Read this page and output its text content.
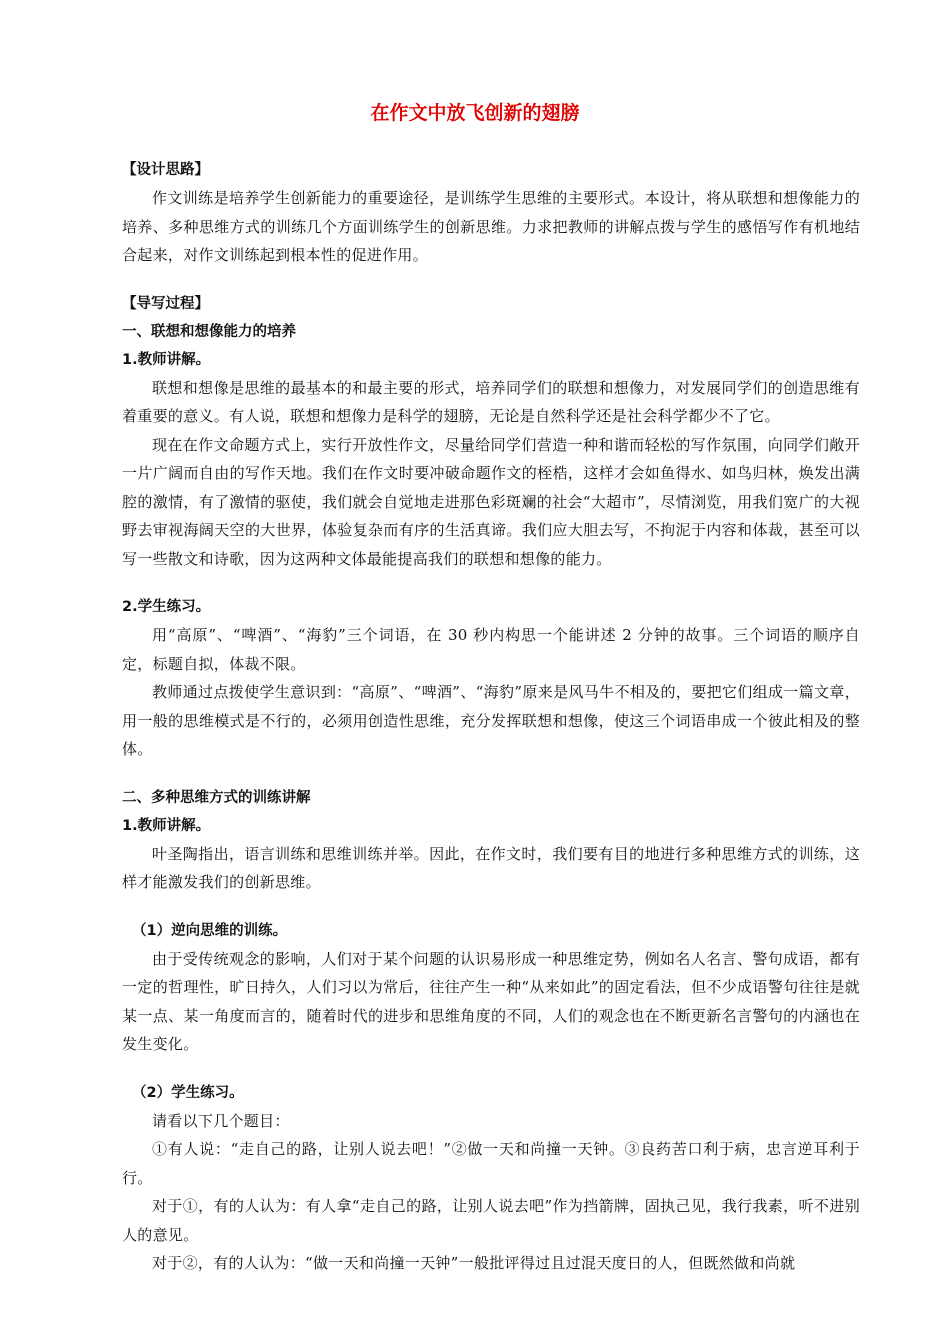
在作文中放飞创新的翅膀
【设计思路】
作文训练是培养学生创新能力的重要途径，是训练学生思维的主要形式。本设计，将从联想和想像能力的培养、多种思维方式的训练几个方面训练学生的创新思维。力求把教师的讲解点拨与学生的感悟写作有机地结合起来，对作文训练起到根本性的促进作用。
【导写过程】
一、联想和想像能力的培养
1.教师讲解。
联想和想像是思维的最基本的和最主要的形式，培养同学们的联想和想像力，对发展同学们的创造思维有着重要的意义。有人说，联想和想像力是科学的翅膀，无论是自然科学还是社会科学都少不了它。
现在在作文命题方式上，实行开放性作文，尽量给同学们营造一种和谐而轻松的写作氛围，向同学们敞开一片广阔而自由的写作天地。我们在作文时要冲破命题作文的桎梏，这样才会如鱼得水、如鸟归林，焕发出满腔的激情，有了激情的驱使，我们就会自觉地走进那色彩斑斓的社会“大超市”，尽情浏览，用我们宽广的大视野去审视海阔天空的大世界，体验复杂而有序的生活真谛。我们应大胆去写，不拘泥于内容和体裁，甚至可以写一些散文和诗歌，因为这两种文体最能提高我们的联想和想像的能力。
2.学生练习。
用“高原”、“啤酒”、“海豹”三个词语，在 30 秒内构思一个能讲述 2 分钟的故事。三个词语的顺序自定，标题自拟，体裁不限。
教师通过点拨使学生意识到：“高原”、“啤酒”、“海豹”原来是风马牛不相及的，要把它们组成一篇文章，用一般的思维模式是不行的，必须用创造性思维，充分发挥联想和想像，使这三个词语串成一个彼此相及的整体。
二、多种思维方式的训练讲解
1.教师讲解。
叶圣陶指出，语言训练和思维训练并举。因此，在作文时，我们要有目的地进行多种思维方式的训练，这样才能激发我们的创新思维。
（1）逆向思维的训练。
由于受传统观念的影响，人们对于某个问题的认识易形成一种思维定势，例如名人名言、警句成语，都有一定的哲理性，旷日持久，人们习以为常后，往往产生一种“从来如此”的固定看法，但不少成语警句往往是就某一点、某一角度而言的，随着时代的进步和思维角度的不同，人们的观念也在不断更新名言警句的内涵也在发生变化。
（2）学生练习。
请看以下几个题目：
①有人说：“走自己的路，让别人说去吧！”②做一天和尚撞一天钟。③良药苦口利于病，忠言逆耳利于行。
对于①，有的人认为：有人拿“走自己的路，让别人说去吧”作为挡箭牌，固执己见，我行我素，听不进别人的意见。
对于②，有的人认为：“做一天和尚撞一天钟”一般批评得过且过混天度日的人，但既然做和尚就
